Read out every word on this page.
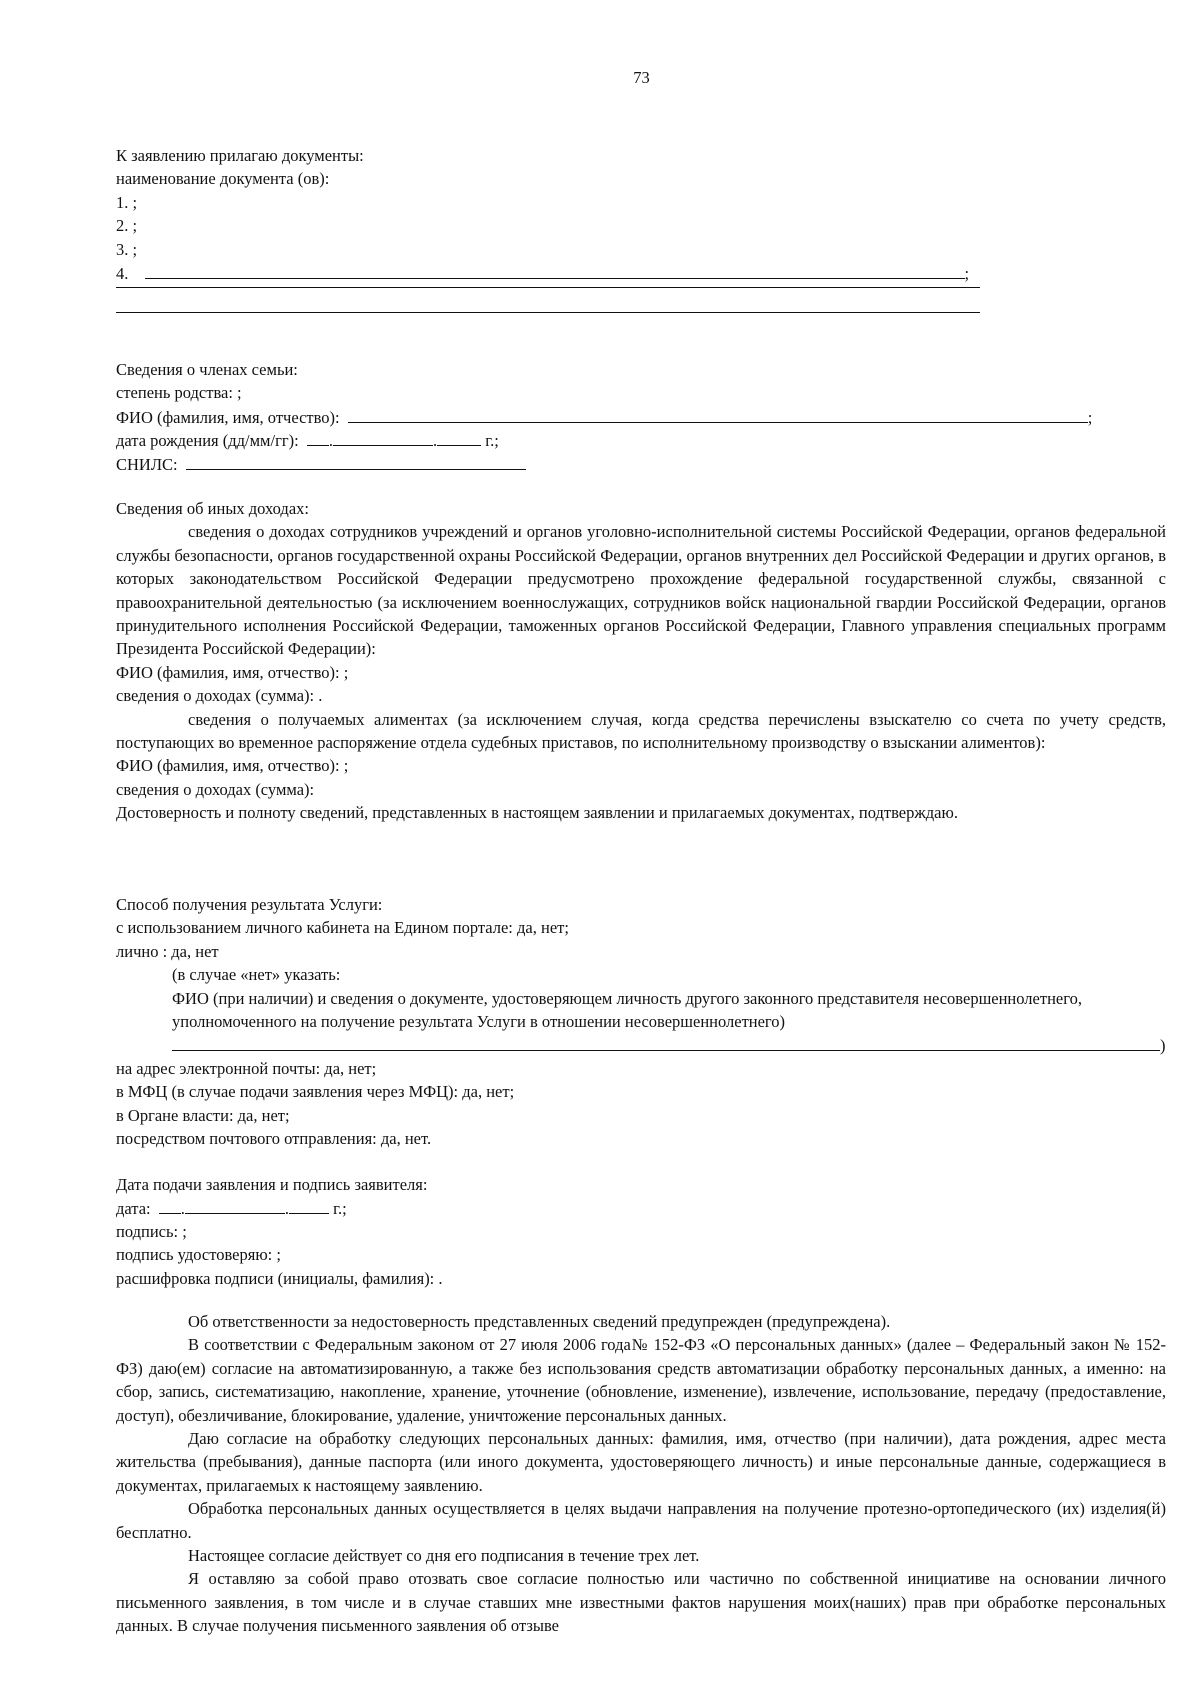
73
К заявлению прилагаю документы:
наименование документа (ов):
1. ;
2. ;
3. ;
4.	;
Сведения о членах семьи:
степень родства: ;
ФИО (фамилия, имя, отчество):	;
дата рождения (дд/мм/гг): .	.	г.;
СНИЛС:
Сведения об иных доходах:
сведения о доходах сотрудников учреждений и органов уголовно-исполнительной системы Российской Федерации, органов федеральной службы безопасности, органов государственной охраны Российской Федерации, органов внутренних дел Российской Федерации и других органов, в которых законодательством Российской Федерации предусмотрено прохождение федеральной государственной службы, связанной с правоохранительной деятельностью (за исключением военнослужащих, сотрудников войск национальной гвардии Российской Федерации, органов принудительного исполнения Российской Федерации, таможенных органов Российской Федерации, Главного управления специальных программ Президента Российской Федерации):
ФИО (фамилия, имя, отчество): ;
сведения о доходах (сумма): .
сведения о получаемых алиментах (за исключением случая, когда средства перечислены взыскателю со счета по учету средств, поступающих во временное распоряжение отдела судебных приставов, по исполнительному производству о взыскании алиментов):
ФИО (фамилия, имя, отчество): ;
сведения о доходах (сумма):
Достоверность и полноту сведений, представленных в настоящем заявлении и прилагаемых документах, подтверждаю.
Способ получения результата Услуги:
с использованием личного кабинета на Едином портале: да, нет;
лично : да, нет
(в случае «нет» указать:
ФИО (при наличии) и сведения о документе, удостоверяющем личность другого законного представителя несовершеннолетнего, уполномоченного на получение результата Услуги в отношении несовершеннолетнего)
)
на адрес электронной почты: да, нет;
в МФЦ (в случае подачи заявления через МФЦ): да, нет;
в Органе власти: да, нет;
посредством почтового отправления: да, нет.
Дата подачи заявления и подпись заявителя:
дата: .	. г.;
подпись: ;
подпись удостоверяю: ;
расшифровка подписи (инициалы, фамилия): .

Об ответственности за недостоверность представленных сведений предупрежден (предупреждена).

В соответствии с Федеральным законом от 27 июля 2006 года№ 152-ФЗ «О персональных данных» (далее – Федеральный закон № 152-ФЗ) даю(ем) согласие на автоматизированную, а также без использования средств автоматизации обработку персональных данных, а именно: на сбор, запись, систематизацию, накопление, хранение, уточнение (обновление, изменение), извлечение, использование, передачу (предоставление, доступ), обезличивание, блокирование, удаление, уничтожение персональных данных.

Даю согласие на обработку следующих персональных данных: фамилия, имя, отчество (при наличии), дата рождения, адрес места жительства (пребывания), данные паспорта (или иного документа, удостоверяющего личность) и иные персональные данные, содержащиеся в документах, прилагаемых к настоящему заявлению.

Обработка персональных данных осуществляется в целях выдачи направления на получение протезно-ортопедического (их) изделия(й) бесплатно.

Настоящее согласие действует со дня его подписания в течение трех лет.

Я оставляю за собой право отозвать свое согласие полностью или частично по собственной инициативе на основании личного письменного заявления, в том числе и в случае ставших мне известными фактов нарушения моих(наших) прав при обработке персональных данных. В случае получения письменного заявления об отзыве
